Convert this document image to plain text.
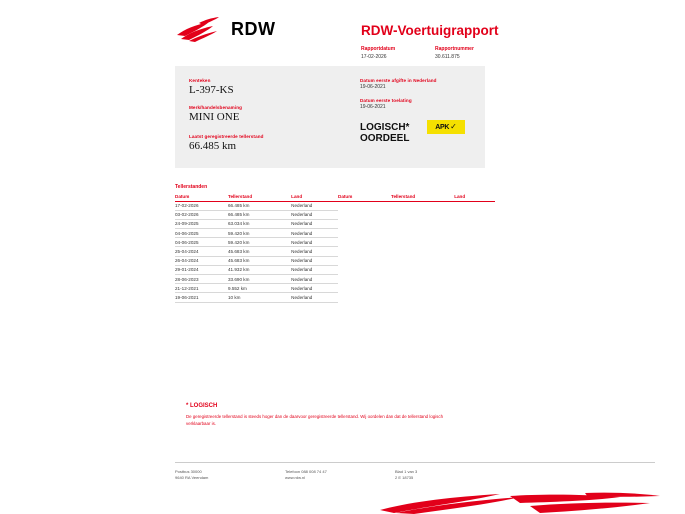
RDW	RDW-Voertuigrapport
Rapportdatum
17-02-2026
Rapportnummer
30.611.875
Kenteken
L-397-KS
Merk/handelsbenaming
MINI ONE
Datum eerste afgifte in Nederland
19-06-2021
Datum eerste toelating
19-06-2021
LOGISCH*
OORDEEL
APK ✓
Laatst geregistreerde tellerstand
66.485 km
Tellerstanden
Datum	Tellerstand	Land	Datum	Tellerstand	Land
17-02-2026	66.485 km	Nederland			
03-02-2026	66.485 km	Nederland			
24-09-2025	63.034 km	Nederland			
04-06-2025	59.420 km	Nederland			
04-06-2025	59.420 km	Nederland			
25-04-2024	45.683 km	Nederland			
26-04-2024	45.683 km	Nederland			
29-01-2024	41.932 km	Nederland			
28-06-2023	33.690 km	Nederland			
21-12-2021	9.552 km	Nederland			
19-06-2021	10 km	Nederland			
* LOGISCH
De geregistreerde tellerstand is steeds hoger dan de daarvoor geregistreerde tellerstand. Wij oordelen dan dat de tellerstand logisch verklaarbaar is.
Postbus 30000
9640 RA Veendam
Telefoon 088 008 74 47
www.rdw.nl
Blad 1 van 3
2 E 18735
